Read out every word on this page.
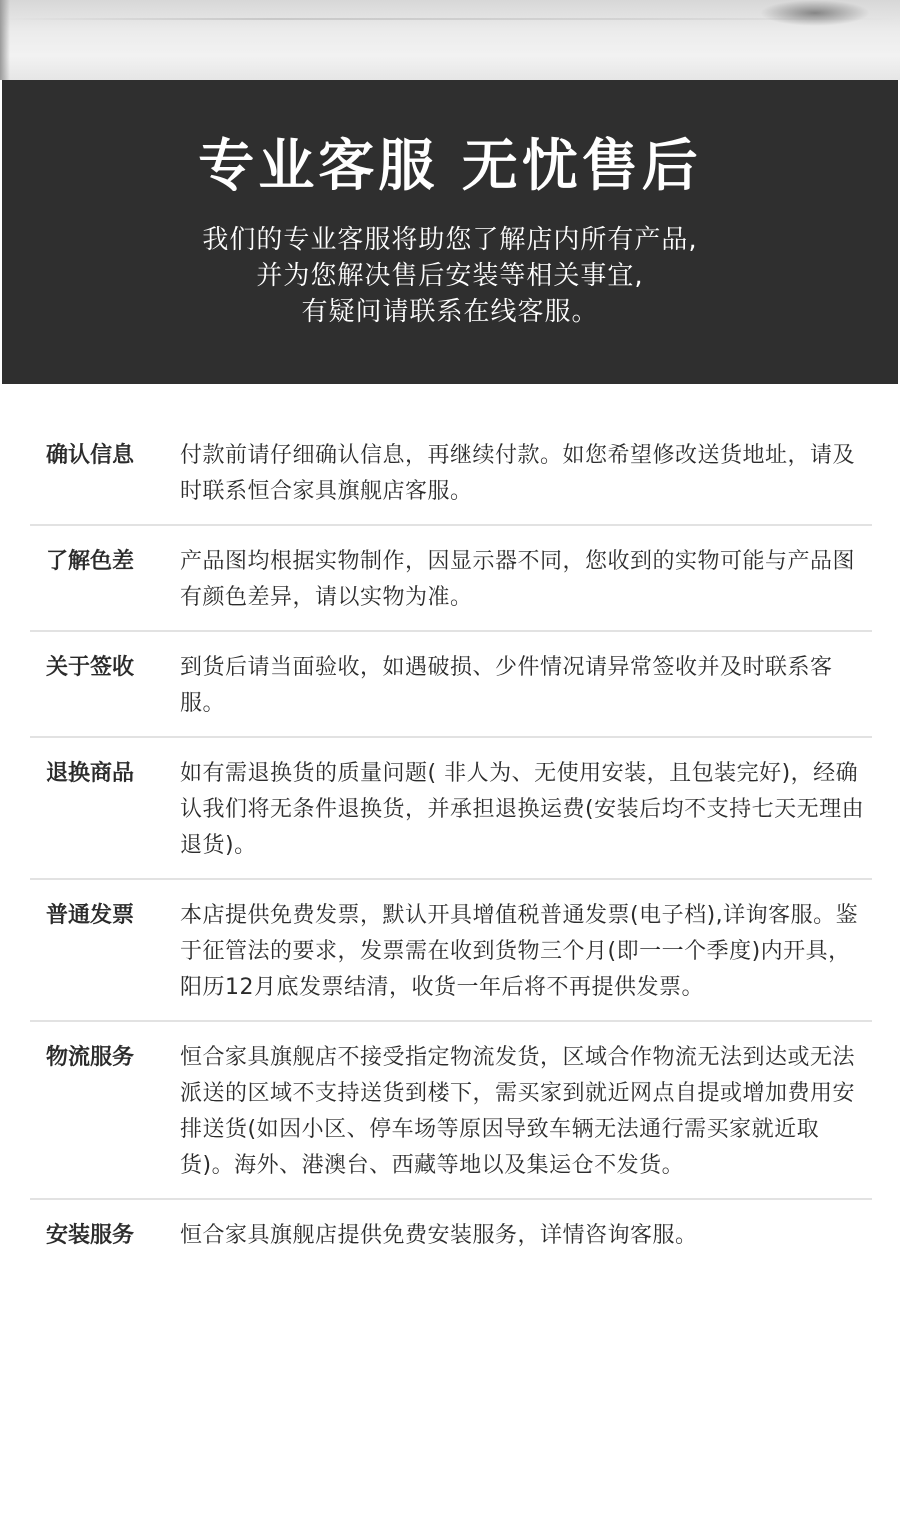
专业客服 无忧售后
我们的专业客服将助您了解店内所有产品,
并为您解决售后安装等相关事宜,
有疑问请联系在线客服。
确认信息	付款前请仔细确认信息，再继续付款。如您希望修改送货地址，请及时联系恒合家具旗舰店客服。
了解色差	产品图均根据实物制作，因显示器不同，您收到的实物可能与产品图有颜色差异，请以实物为准。
关于签收	到货后请当面验收，如遇破损、少件情况请异常签收并及时联系客服。
退换商品	如有需退换货的质量问题( 非人为、无使用安装，且包装完好)，经确认我们将无条件退换货，并承担退换运费(安装后均不支持七天无理由退货)。
普通发票	本店提供免费发票，默认开具增值税普通发票(电子档),详询客服。鉴于征管法的要求，发票需在收到货物三个月(即一一个季度)内开具，阳历12月底发票结清，收货一年后将不再提供发票。
物流服务	恒合家具旗舰店不接受指定物流发货，区域合作物流无法到达或无法派送的区域不支持送货到楼下，需买家到就近网点自提或增加费用安排送货(如因小区、停车场等原因导致车辆无法通行需买家就近取货)。海外、港澳台、西藏等地以及集运仓不发货。
安装服务	恒合家具旗舰店提供免费安装服务，详情咨询客服。
